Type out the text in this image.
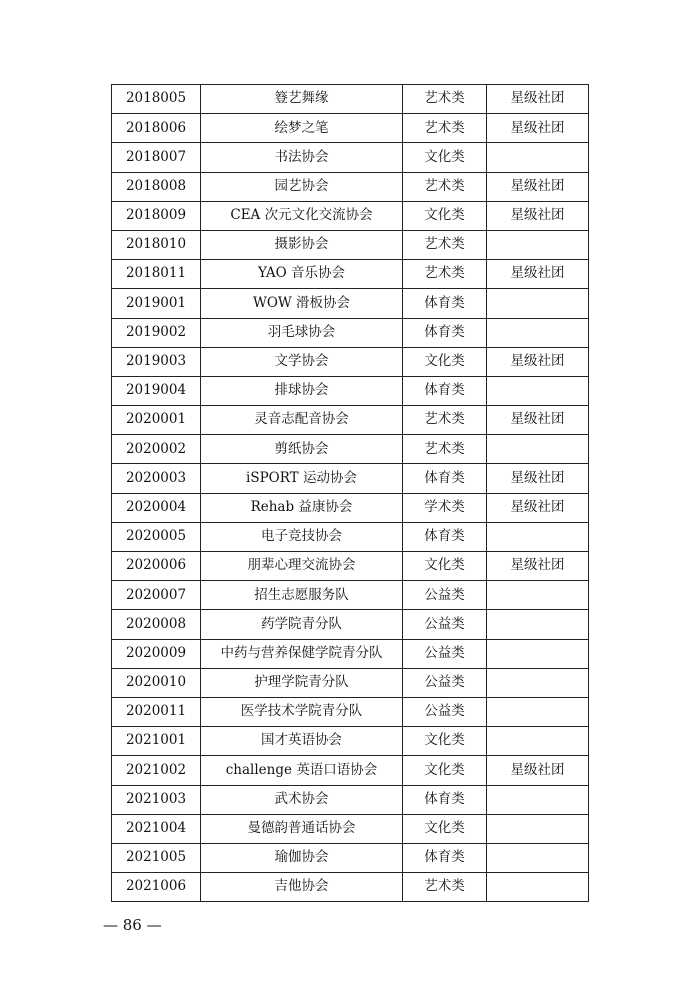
2018005	簦艺舞缘	艺术类	星级社团
2018006	绘梦之笔	艺术类	星级社团
2018007	书法协会	文化类	
2018008	园艺协会	艺术类	星级社团
2018009	CEA 次元文化交流协会	文化类	星级社团
2018010	摄影协会	艺术类	
2018011	YAO 音乐协会	艺术类	星级社团
2019001	WOW 滑板协会	体育类	
2019002	羽毛球协会	体育类	
2019003	文学协会	文化类	星级社团
2019004	排球协会	体育类	
2020001	灵音志配音协会	艺术类	星级社团
2020002	剪纸协会	艺术类	
2020003	iSPORT 运动协会	体育类	星级社团
2020004	Rehab 益康协会	学术类	星级社团
2020005	电子竞技协会	体育类	
2020006	朋辈心理交流协会	文化类	星级社团
2020007	招生志愿服务队	公益类	
2020008	药学院青分队	公益类	
2020009	中药与营养保健学院青分队	公益类	
2020010	护理学院青分队	公益类	
2020011	医学技术学院青分队	公益类	
2021001	国才英语协会	文化类	
2021002	challenge 英语口语协会	文化类	星级社团
2021003	武术协会	体育类	
2021004	曼德韵普通话协会	文化类	
2021005	瑜伽协会	体育类	
2021006	吉他协会	艺术类	
— 86 —
